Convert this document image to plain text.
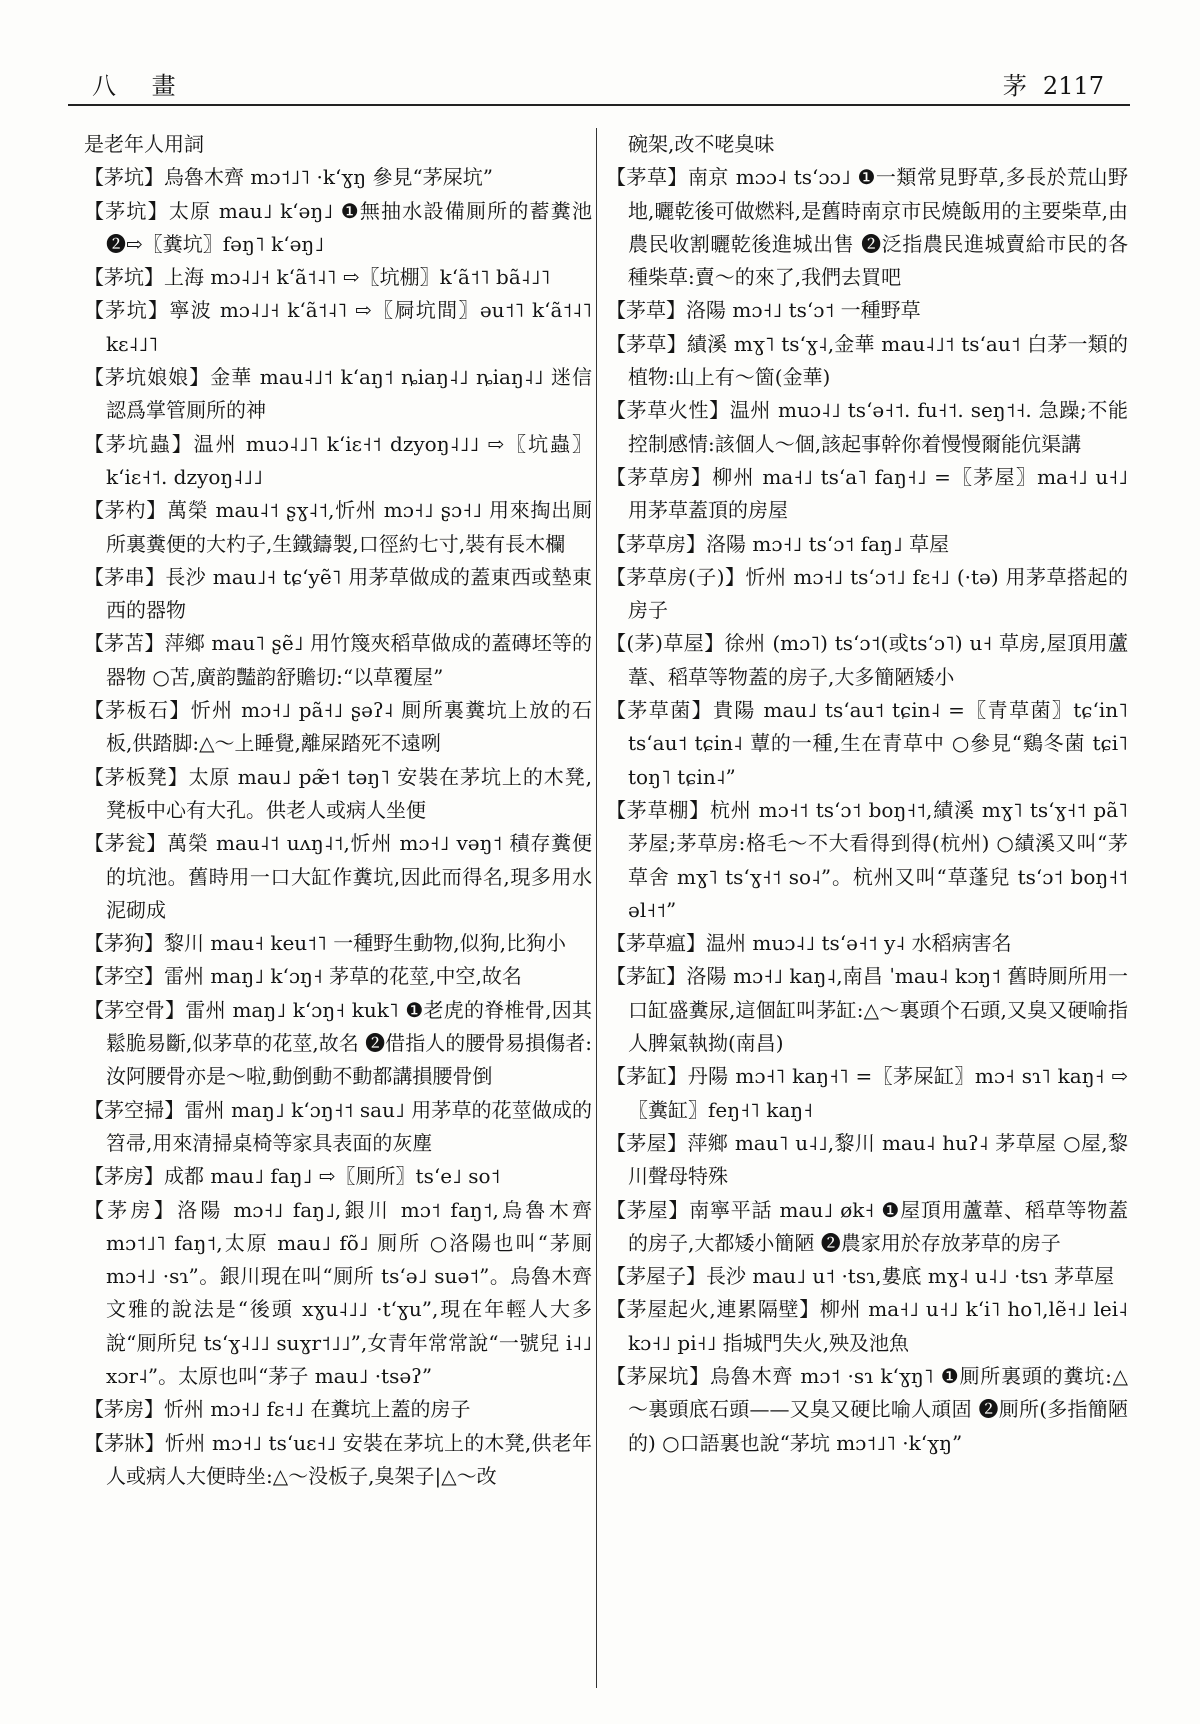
八 畫	茅 2117

是老年人用詞

【茅坑】烏魯木齊 mɔ˦˩˥ ·kʻɣŋ 參見“茅屎坑”

【茅坑】太原 mau˩ kʻəŋ˩ ❶無抽水設備厠所的蓄糞池 ❷⇨〖糞坑〗fəŋ˥ kʻəŋ˩

【茅坑】上海 mɔ˨˩˧ kʻã˦˨˥ ⇨〖坑棚〗kʻã˦˥ bã˨˩˥

【茅坑】寧波 mɔ˨˩˧ kʻã˦˨˥ ⇨〖屙坑間〗əu˦˥ kʻã˦˨˥ kɛ˨˩˥

【茅坑娘娘】金華 mau˨˩˦ kʻaŋ˦ ȵiaŋ˨˩ ȵiaŋ˨˩ 迷信認爲掌管厠所的神

【茅坑蟲】温州 muɔ˨˩˥ kʻiɛ˧˦ dzyoŋ˨˩˩ ⇨〖坑蟲〗kʻiɛ˧˦. dzyoŋ˨˩˩

【茅杓】萬榮 mau˨˦ ʂɣ˨˦,忻州 mɔ˧˩ ʂɔ˧˩ 用來掏出厠所裏糞便的大杓子,生鐵鑄製,口徑約七寸,裝有長木欄

【茅串】長沙 mau˩˧ tɕʻyẽ˥ 用茅草做成的蓋東西或墊東西的器物

【茅苫】萍鄉 mau˥ ʂẽ˩ 用竹篾夾稻草做成的蓋磚坯等的器物 ○苫,廣韵豔韵舒贍切:“以草覆屋”

【茅板石】忻州 mɔ˧˩ pã˧˩ ʂəʔ˨ 厠所裏糞坑上放的石板,供踏脚:△～上睡覺,離屎踏死不遠咧

【茅板凳】太原 mau˩ pæ̃˦ təŋ˥ 安裝在茅坑上的木凳,凳板中心有大孔。供老人或病人坐便

【茅瓮】萬榮 mau˨˦ uʌŋ˨˦,忻州 mɔ˧˩ vəŋ˦ 積存糞便的坑池。舊時用一口大缸作糞坑,因此而得名,現多用水泥砌成

【茅狗】黎川 mau˧ keu˦˥ 一種野生動物,似狗,比狗小

【茅空】雷州 maŋ˩ kʻɔŋ˧ 茅草的花莖,中空,故名

【茅空骨】雷州 maŋ˩ kʻɔŋ˧ kuk˥ ❶老虎的脊椎骨,因其鬆脆易斷,似茅草的花莖,故名 ❷借指人的腰骨易損傷者:汝阿腰骨亦是～啦,動倒動不動都講損腰骨倒

【茅空掃】雷州 maŋ˩ kʻɔŋ˧˦ sau˩ 用茅草的花莖做成的笤帚,用來清掃桌椅等家具表面的灰塵

【茅房】成都 mau˩ faŋ˩ ⇨〖厠所〗tsʻe˩ so˦

【茅房】洛陽 mɔ˧˩ faŋ˩,銀川 mɔ˦ faŋ˦,烏魯木齊 mɔ˦˩˥ faŋ˦,太原 mau˩ fõ˩ 厠所 ○洛陽也叫“茅厠 mɔ˧˩ ·sɿ”。銀川現在叫“厠所 tsʻə˩ suə˦”。烏魯木齊文雅的說法是“後頭 xɣu˨˩˩ ·tʻɣu”,現在年輕人大多說“厠所兒 tsʻɣ˨˩˩ suɣr˦˩˩”,女青年常常說“一號兒 i˨˩ xɔr˨”。太原也叫“茅子 mau˩ ·tsəʔ”

【茅房】忻州 mɔ˧˩ fɛ˧˩ 在糞坑上蓋的房子

【茅牀】忻州 mɔ˧˩ tsʻuɛ˧˩ 安裝在茅坑上的木凳,供老年人或病人大便時坐:△～没板子,臭架子|△～改

碗架,改不咾臭味

【茅草】南京 mɔɔ˨ tsʻɔɔ˩ ❶一類常見野草,多長於荒山野地,曬乾後可做燃料,是舊時南京市民燒飯用的主要柴草,由農民收割曬乾後進城出售 ❷泛指農民進城賣給市民的各種柴草:賣～的來了,我們去買吧

【茅草】洛陽 mɔ˧˩ tsʻɔ˦ 一種野草

【茅草】績溪 mɣ˥ tsʻɣ˨,金華 mau˨˩˦ tsʻau˦ 白茅一類的植物:山上有～箇(金華)

【茅草火性】温州 muɔ˨˩ tsʻə˧˦. fu˧˦. seŋ˦˧. 急躁;不能控制感情:該個人～個,該起事幹你着慢慢爾能伉渠講

【茅草房】柳州 ma˧˩ tsʻa˥ faŋ˧˩ =〖茅屋〗ma˧˩ u˧˩ 用茅草蓋頂的房屋

【茅草房】洛陽 mɔ˧˩ tsʻɔ˦ faŋ˩ 草屋

【茅草房(子)】忻州 mɔ˧˩ tsʻɔ˦˩ fɛ˧˩ (·tə) 用茅草搭起的房子

【(茅)草屋】徐州 (mɔ˥) tsʻɔ˦(或tsʻɔ˥) u˧ 草房,屋頂用蘆葦、稻草等物蓋的房子,大多簡陋矮小

【茅草菌】貴陽 mau˩ tsʻau˦ tɕin˨ =〖青草菌〗tɕʻin˥ tsʻau˦ tɕin˨ 蕈的一種,生在青草中 ○參見“鷄冬菌 tɕi˥ toŋ˥ tɕin˨”

【茅草棚】杭州 mɔ˧˦ tsʻɔ˦ boŋ˧˦,績溪 mɣ˥ tsʻɣ˧˦ pã˥ 茅屋;茅草房:格毛～不大看得到得(杭州) ○績溪又叫“茅草舍 mɣ˥ tsʻɣ˧˦ so˨”。杭州又叫“草蓬兒 tsʻɔ˦ boŋ˧˦ əl˧˦”

【茅草瘟】温州 muɔ˨˩ tsʻə˧˦ y˨ 水稻病害名

【茅缸】洛陽 mɔ˧˩ kaŋ˨,南昌 ˈmau˨ kɔŋ˦ 舊時厠所用一口缸盛糞尿,這個缸叫茅缸:△～裏頭个石頭,又臭又硬喻指人脾氣執拗(南昌)

【茅缸】丹陽 mɔ˧˥ kaŋ˧˥ =〖茅屎缸〗mɔ˧ sɿ˥ kaŋ˧ ⇨〖糞缸〗feŋ˧˥ kaŋ˧

【茅屋】萍鄉 mau˥ u˨˩,黎川 mau˨ huʔ˨ 茅草屋 ○屋,黎川聲母特殊

【茅屋】南寧平話 mau˩ øk˧ ❶屋頂用蘆葦、稻草等物蓋的房子,大都矮小簡陋 ❷農家用於存放茅草的房子

【茅屋子】長沙 mau˩ u˦ ·tsɿ,婁底 mɣ˨ u˨˩ ·tsɿ 茅草屋

【茅屋起火,連累隔壁】柳州 ma˧˩ u˧˩ kʻi˥ ho˥,lẽ˧˩ lei˨ kɔ˧˩ pi˧˩ 指城門失火,殃及池魚

【茅屎坑】烏魯木齊 mɔ˦ ·sɿ kʻɣŋ˥ ❶厠所裏頭的糞坑:△～裏頭底石頭——又臭又硬比喻人頑固 ❷厠所(多指簡陋的) ○口語裏也說“茅坑 mɔ˦˩˥ ·kʻɣŋ”
